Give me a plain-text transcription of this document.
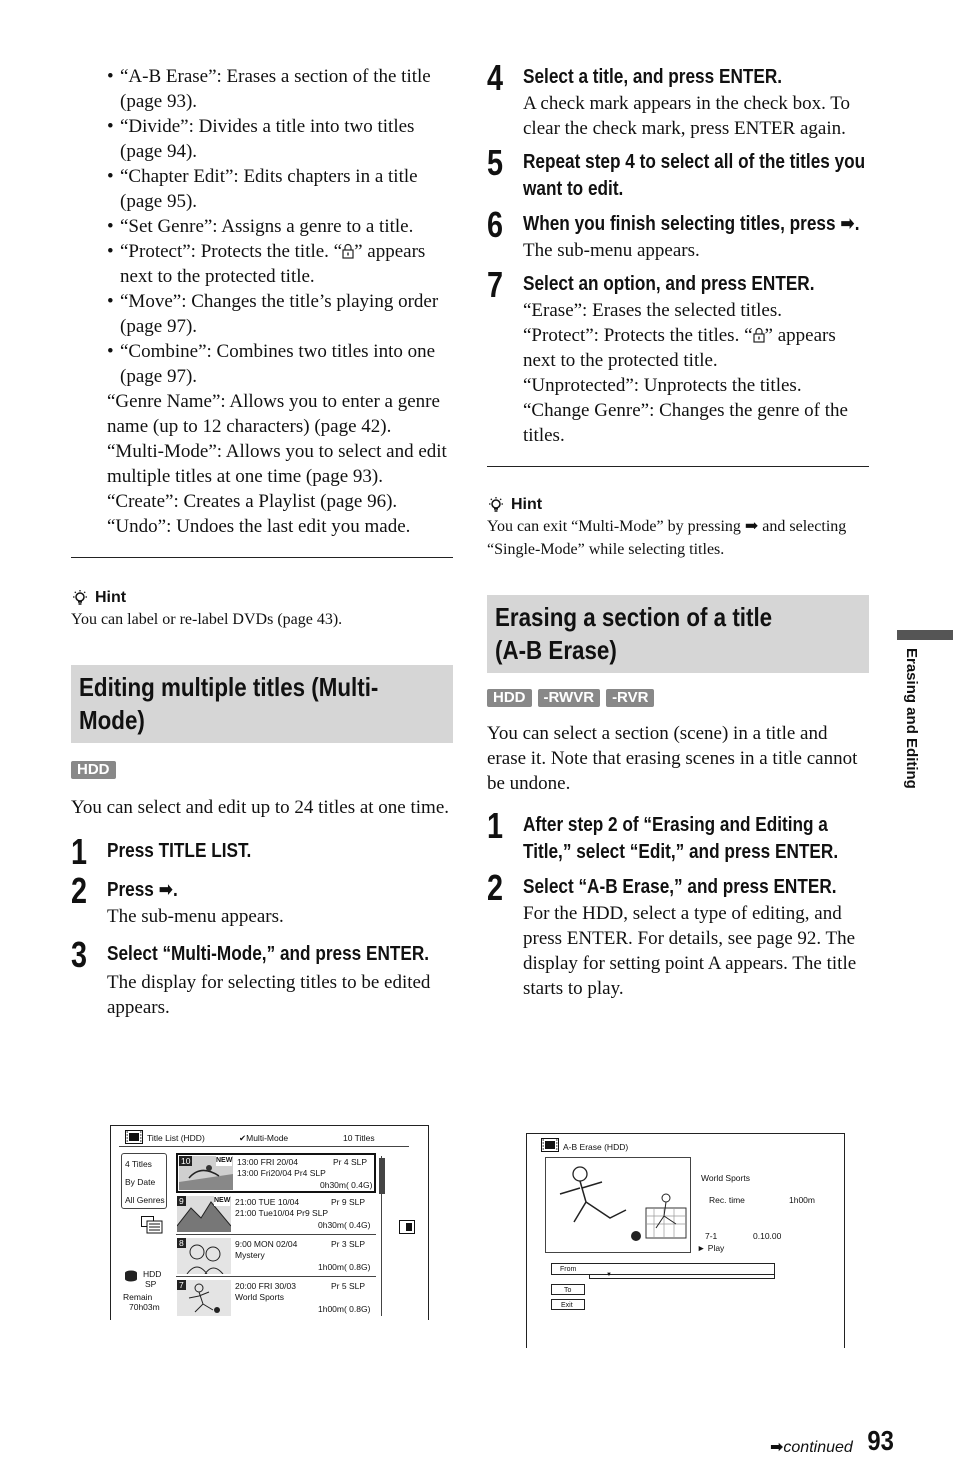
• “A-B Erase”: Erases a section of the title (page 93).
• “Divide”: Divides a title into two titles (page 94).
• “Chapter Edit”: Edits chapters in a title (page 95).
• “Set Genre”: Assigns a genre to a title.
• “Protect”: Protects the title. “ ” appears next to the protected title.
• “Move”: Changes the title’s playing order (page 97).
• “Combine”: Combines two titles into one (page 97).
“Genre Name”: Allows you to enter a genre name (up to 12 characters) (page 42).
“Multi-Mode”: Allows you to select and edit multiple titles at one time (page 93).
“Create”: Creates a Playlist (page 96).
“Undo”: Undoes the last edit you made.
Hint
You can label or re-label DVDs (page 43).
Editing multiple titles (Multi-Mode)
HDD
You can select and edit up to 24 titles at one time.
1 Press TITLE LIST.
2 Press ➡.
The sub-menu appears.
3 Select “Multi-Mode,” and press ENTER.
The display for selecting titles to be edited appears.
Title List (HDD)	✔Multi-Mode	10 Titles
4 Titles
By Date
All Genres
HDD
SP
Remain
70h03m
10	NEW 13:00 FRI 20/04	Pr 4 SLP
13:00 Fri20/04 Pr4 SLP
0h30m( 0.4G)
9	NEW 21:00 TUE 10/04	Pr 9 SLP
21:00 Tue10/04 Pr9 SLP
0h30m( 0.4G)
8	9:00 MON 02/04	Pr 3 SLP
Mystery
1h00m( 0.8G)
7	20:00 FRI 30/03	Pr 5 SLP
World Sports
1h00m( 0.8G)
4 Select a title, and press ENTER.
A check mark appears in the check box. To clear the check mark, press ENTER again.
5 Repeat step 4 to select all of the titles you want to edit.
6 When you finish selecting titles, press ➡.
The sub-menu appears.
7 Select an option, and press ENTER.
“Erase”: Erases the selected titles.
“Protect”: Protects the titles. “ ” appears next to the protected title.
“Unprotected”: Unprotects the titles.
“Change Genre”: Changes the genre of the titles.
Hint
You can exit “Multi-Mode” by pressing ➡ and selecting “Single-Mode” while selecting titles.
Erasing a section of a title
(A-B Erase)
HDD -RWVR -RVR
You can select a section (scene) in a title and erase it. Note that erasing scenes in a title cannot be undone.
1 After step 2 of “Erasing and Editing a Title,” select “Edit,” and press ENTER.
2 Select “A-B Erase,” and press ENTER.
For the HDD, select a type of editing, and press ENTER. For details, see page 92. The display for setting point A appears. The title starts to play.
A-B Erase (HDD)
World Sports
Rec. time	1h00m
7-1	0.10.00
► Play
From
▼
To
Exit
Erasing and Editing
➡continued 93
